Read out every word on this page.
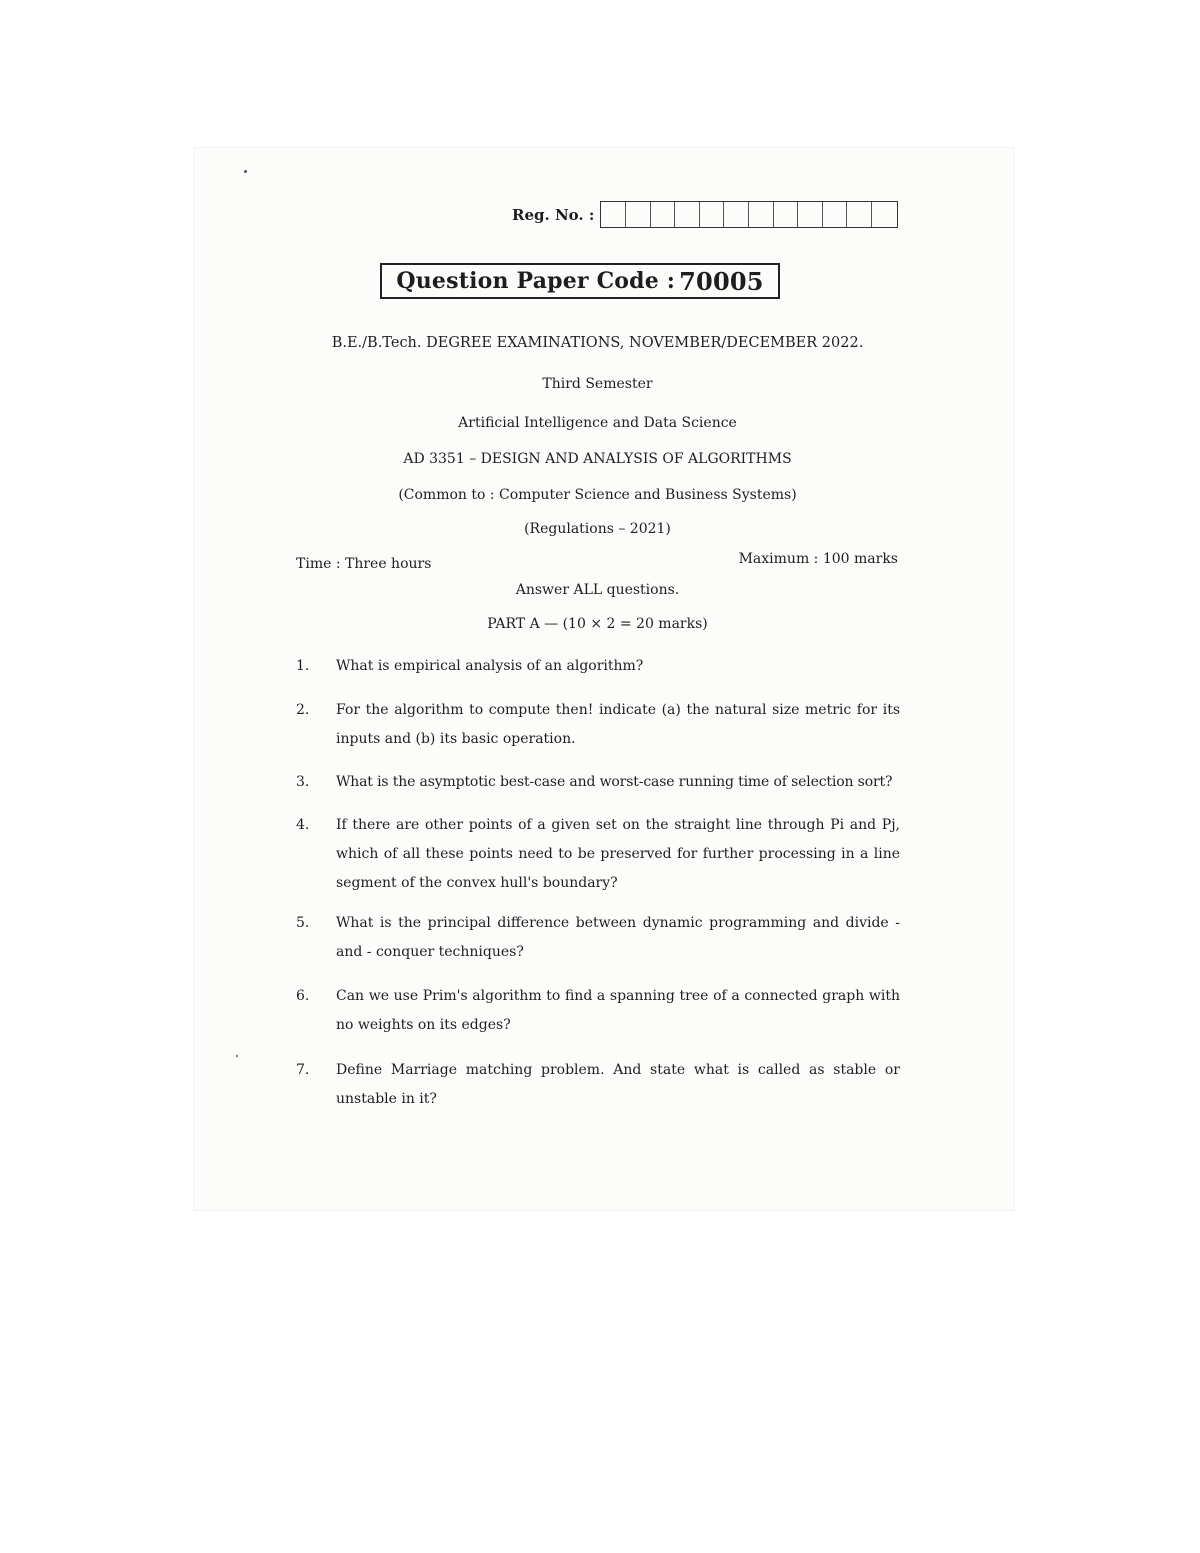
Reg. No. :
Question Paper Code : 70005
B.E./B.Tech. DEGREE EXAMINATIONS, NOVEMBER/DECEMBER 2022.
Third Semester
Artificial Intelligence and Data Science
AD 3351 – DESIGN AND ANALYSIS OF ALGORITHMS
(Common to : Computer Science and Business Systems)
(Regulations – 2021)
Time : Three hours	Maximum : 100 marks
Answer ALL questions.
PART A — (10 × 2 = 20 marks)
1.	What is empirical analysis of an algorithm?
2.	For the algorithm to compute then! indicate (a) the natural size metric for its inputs and (b) its basic operation.
3.	What is the asymptotic best-case and worst-case running time of selection sort?
4.	If there are other points of a given set on the straight line through Pi and Pj, which of all these points need to be preserved for further processing in a line segment of the convex hull's boundary?
5.	What is the principal difference between dynamic programming and divide - and - conquer techniques?
6.	Can we use Prim's algorithm to find a spanning tree of a connected graph with no weights on its edges?
7.	Define Marriage matching problem. And state what is called as stable or unstable in it?
